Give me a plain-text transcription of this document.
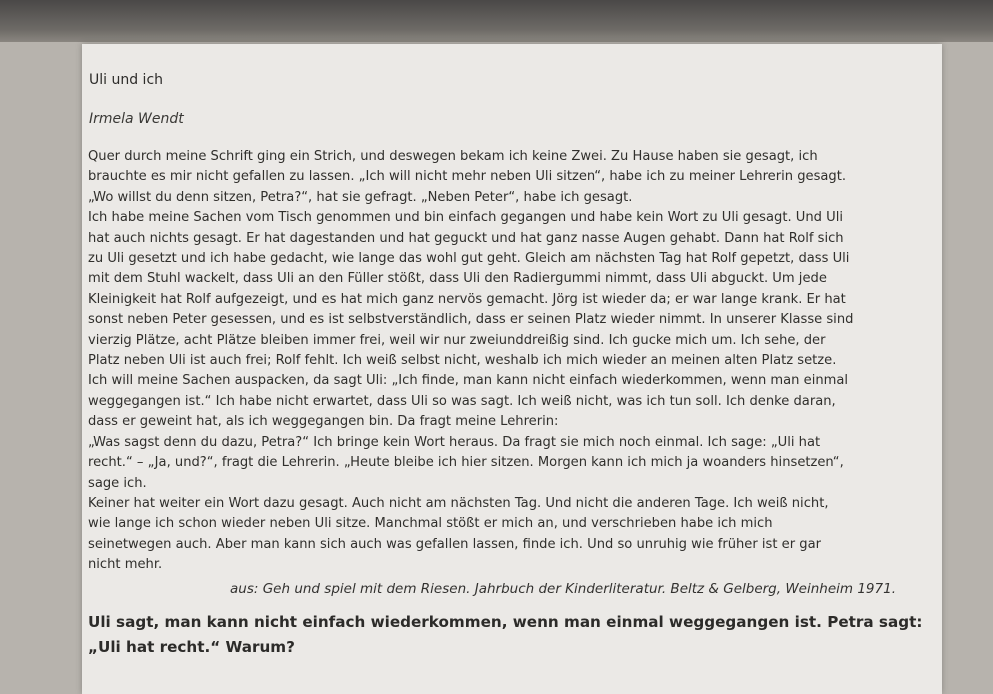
Uli und ich
Irmela Wendt
Quer durch meine Schrift ging ein Strich, und deswegen bekam ich keine Zwei. Zu Hause haben sie gesagt, ich
brauchte es mir nicht gefallen zu lassen. „Ich will nicht mehr neben Uli sitzen“, habe ich zu meiner Lehrerin gesagt.
„Wo willst du denn sitzen, Petra?“, hat sie gefragt. „Neben Peter“, habe ich gesagt.
Ich habe meine Sachen vom Tisch genommen und bin einfach gegangen und habe kein Wort zu Uli gesagt. Und Uli
hat auch nichts gesagt. Er hat dagestanden und hat geguckt und hat ganz nasse Augen gehabt. Dann hat Rolf sich
zu Uli gesetzt und ich habe gedacht, wie lange das wohl gut geht. Gleich am nächsten Tag hat Rolf gepetzt, dass Uli
mit dem Stuhl wackelt, dass Uli an den Füller stößt, dass Uli den Radiergummi nimmt, dass Uli abguckt. Um jede
Kleinigkeit hat Rolf aufgezeigt, und es hat mich ganz nervös gemacht. Jörg ist wieder da; er war lange krank. Er hat
sonst neben Peter gesessen, und es ist selbstverständlich, dass er seinen Platz wieder nimmt. In unserer Klasse sind
vierzig Plätze, acht Plätze bleiben immer frei, weil wir nur zweiunddreißig sind. Ich gucke mich um. Ich sehe, der
Platz neben Uli ist auch frei; Rolf fehlt. Ich weiß selbst nicht, weshalb ich mich wieder an meinen alten Platz setze.
Ich will meine Sachen auspacken, da sagt Uli: „Ich finde, man kann nicht einfach wiederkommen, wenn man einmal
weggegangen ist.“ Ich habe nicht erwartet, dass Uli so was sagt. Ich weiß nicht, was ich tun soll. Ich denke daran,
dass er geweint hat, als ich weggegangen bin. Da fragt meine Lehrerin:
„Was sagst denn du dazu, Petra?“ Ich bringe kein Wort heraus. Da fragt sie mich noch einmal. Ich sage: „Uli hat
recht.“ – „Ja, und?“, fragt die Lehrerin. „Heute bleibe ich hier sitzen. Morgen kann ich mich ja woanders hinsetzen“,
sage ich.
Keiner hat weiter ein Wort dazu gesagt. Auch nicht am nächsten Tag. Und nicht die anderen Tage. Ich weiß nicht,
wie lange ich schon wieder neben Uli sitze. Manchmal stößt er mich an, und verschrieben habe ich mich
seinetwegen auch. Aber man kann sich auch was gefallen lassen, finde ich. Und so unruhig wie früher ist er gar
nicht mehr.
aus: Geh und spiel mit dem Riesen. Jahrbuch der Kinderliteratur. Beltz & Gelberg, Weinheim 1971.
Uli sagt, man kann nicht einfach wiederkommen, wenn man einmal weggegangen ist. Petra sagt:
„Uli hat recht.“ Warum?
